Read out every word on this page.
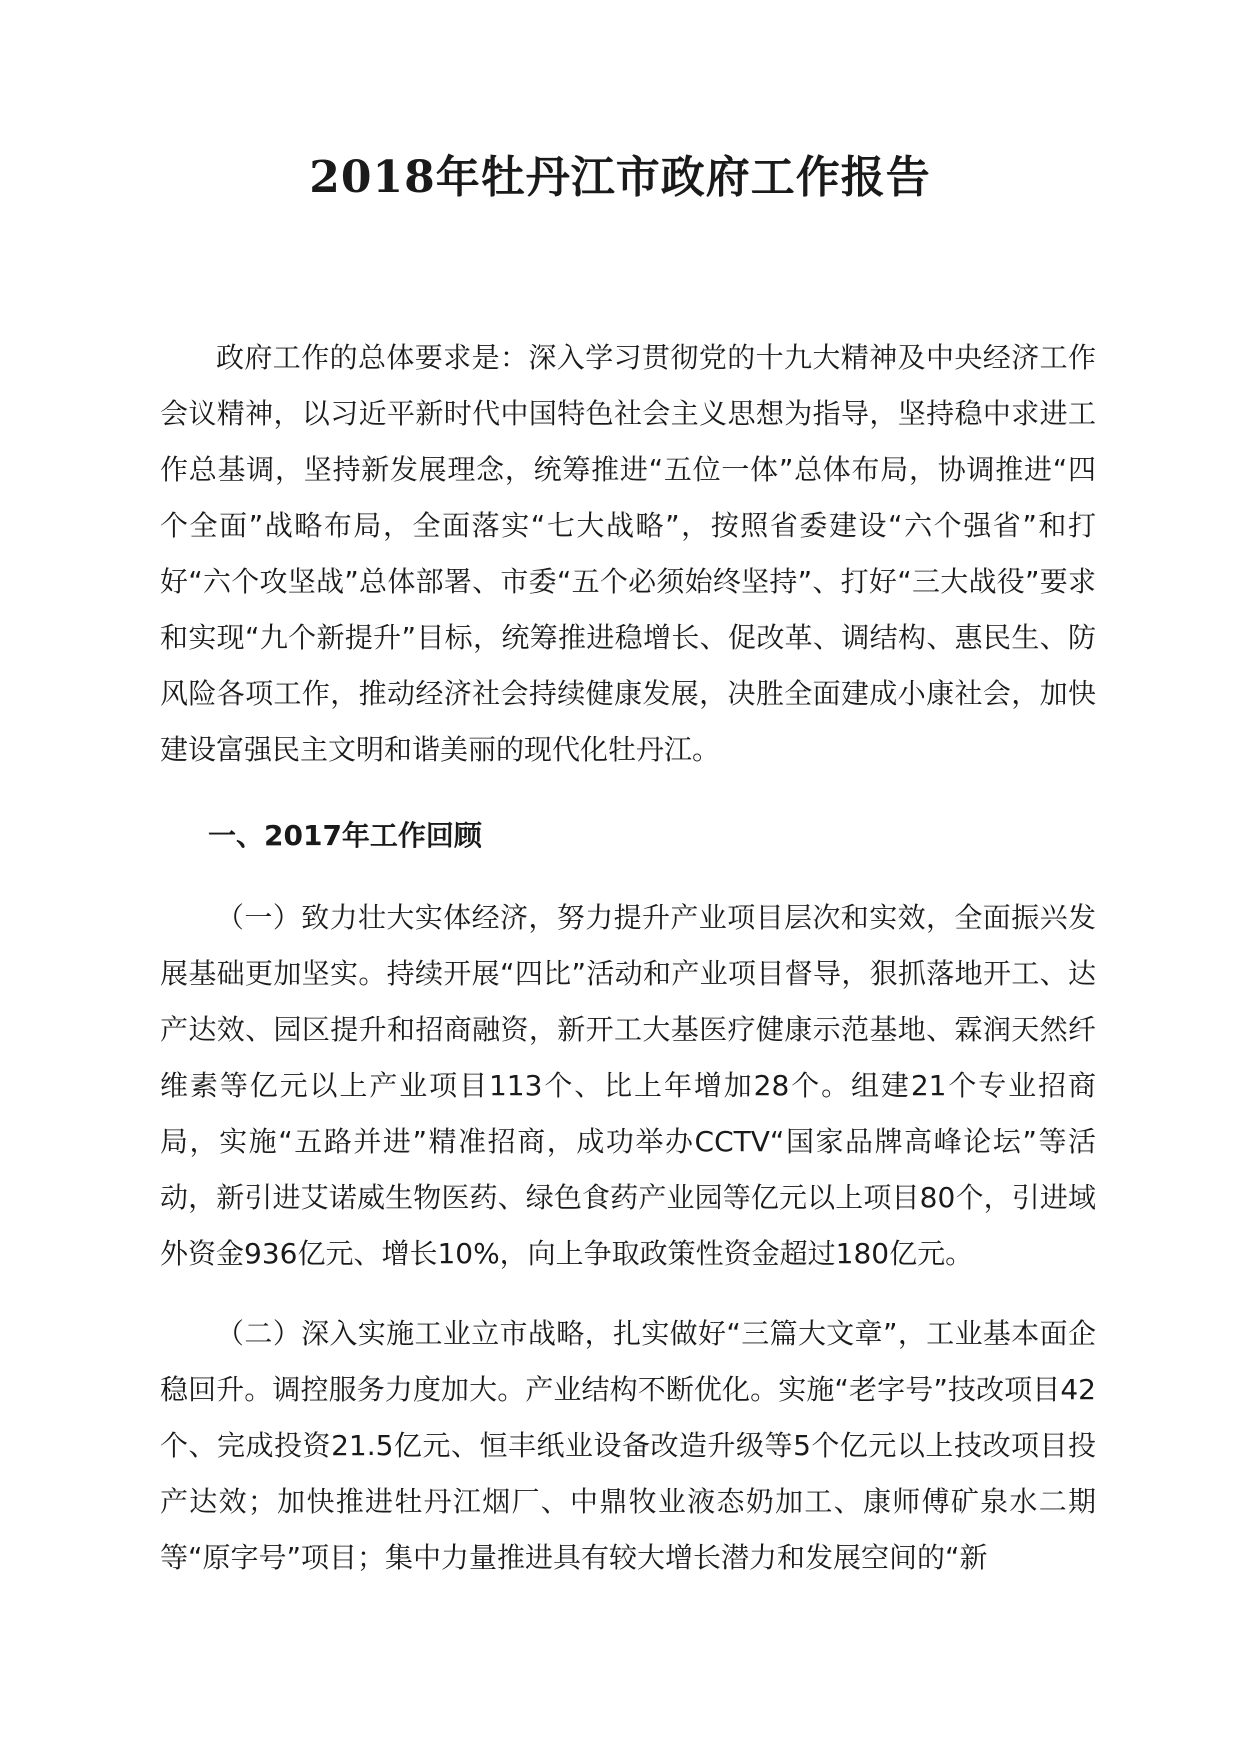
2018年牡丹江市政府工作报告

政府工作的总体要求是：深入学习贯彻党的十九大精神及中央经济工作会议精神，以习近平新时代中国特色社会主义思想为指导，坚持稳中求进工作总基调，坚持新发展理念，统筹推进“五位一体”总体布局，协调推进“四个全面”战略布局，全面落实“七大战略”，按照省委建设“六个强省”和打好“六个攻坚战”总体部署、市委“五个必须始终坚持”、打好“三大战役”要求和实现“九个新提升”目标，统筹推进稳增长、促改革、调结构、惠民生、防风险各项工作，推动经济社会持续健康发展，决胜全面建成小康社会，加快建设富强民主文明和谐美丽的现代化牡丹江。

一、2017年工作回顾

（一）致力壮大实体经济，努力提升产业项目层次和实效，全面振兴发展基础更加坚实。持续开展“四比”活动和产业项目督导，狠抓落地开工、达产达效、园区提升和招商融资，新开工大基医疗健康示范基地、霖润天然纤维素等亿元以上产业项目113个、比上年增加28个。组建21个专业招商局，实施“五路并进”精准招商，成功举办CCTV“国家品牌高峰论坛”等活动，新引进艾诺威生物医药、绿色食药产业园等亿元以上项目80个，引进域外资金936亿元、增长10%，向上争取政策性资金超过180亿元。

（二）深入实施工业立市战略，扎实做好“三篇大文章”，工业基本面企稳回升。调控服务力度加大。产业结构不断优化。实施“老字号”技改项目42个、完成投资21.5亿元、恒丰纸业设备改造升级等5个亿元以上技改项目投产达效；加快推进牡丹江烟厂、中鼎牧业液态奶加工、康师傅矿泉水二期等“原字号”项目；集中力量推进具有较大增长潜力和发展空间的“新
